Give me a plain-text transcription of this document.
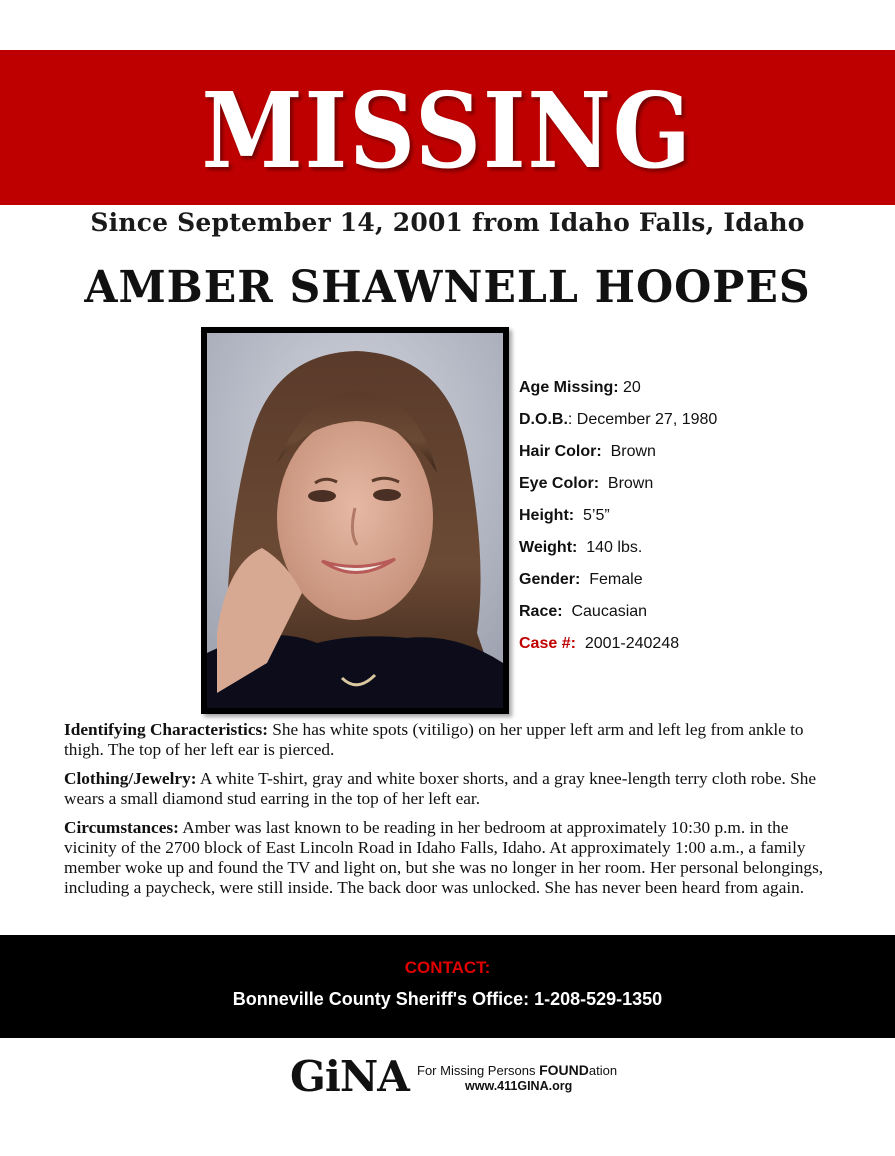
MISSING
Since September 14, 2001 from Idaho Falls, Idaho
AMBER SHAWNELL HOOPES
Age Missing: 20
D.O.B.: December 27, 1980
Hair Color:  Brown
Eye Color:  Brown
Height:  5’5”
Weight:  140 lbs.
Gender:  Female
Race:  Caucasian
Case #:  2001-240248

Identifying Characteristics: She has white spots (vitiligo) on her upper left arm and left leg from ankle to thigh. The top of her left ear is pierced.

Clothing/Jewelry: A white T-shirt, gray and white boxer shorts, and a gray knee-length terry cloth robe. She wears a small diamond stud earring in the top of her left ear.

Circumstances: Amber was last known to be reading in her bedroom at approximately 10:30 p.m. in the vicinity of the 2700 block of East Lincoln Road in Idaho Falls, Idaho. At approximately 1:00 a.m., a family member woke up and found the TV and light on, but she was no longer in her room. Her personal belongings, including a paycheck, were still inside. The back door was unlocked. She has never been heard from again.

CONTACT:
Bonneville County Sheriff's Office: 1-208-529-1350
GiNA For Missing Persons FOUNDation
www.411GINA.org
